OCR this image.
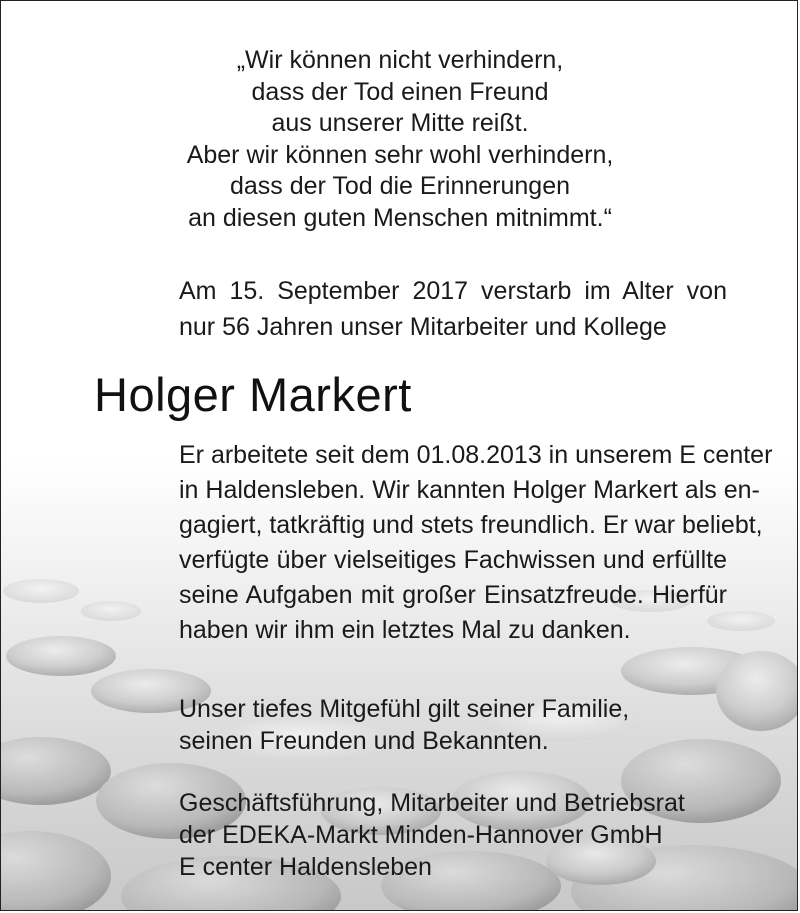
„Wir können nicht verhindern,
dass der Tod einen Freund
aus unserer Mitte reißt.
Aber wir können sehr wohl verhindern,
dass der Tod die Erinnerungen
an diesen guten Menschen mitnimmt.“
Am 15. September 2017 verstarb im Alter von
nur 56 Jahren unser Mitarbeiter und Kollege
Holger Markert
Er arbeitete seit dem 01.08.2013 in unserem E center
in Haldensleben. Wir kannten Holger Markert als en-
gagiert, tatkräftig und stets freundlich. Er war beliebt,
verfügte über vielseitiges Fachwissen und erfüllte
seine Aufgaben mit großer Einsatzfreude. Hierfür
haben wir ihm ein letztes Mal zu danken.
Unser tiefes Mitgefühl gilt seiner Familie,
seinen Freunden und Bekannten.
Geschäftsführung, Mitarbeiter und Betriebsrat
der EDEKA-Markt Minden-Hannover GmbH
E center Haldensleben
